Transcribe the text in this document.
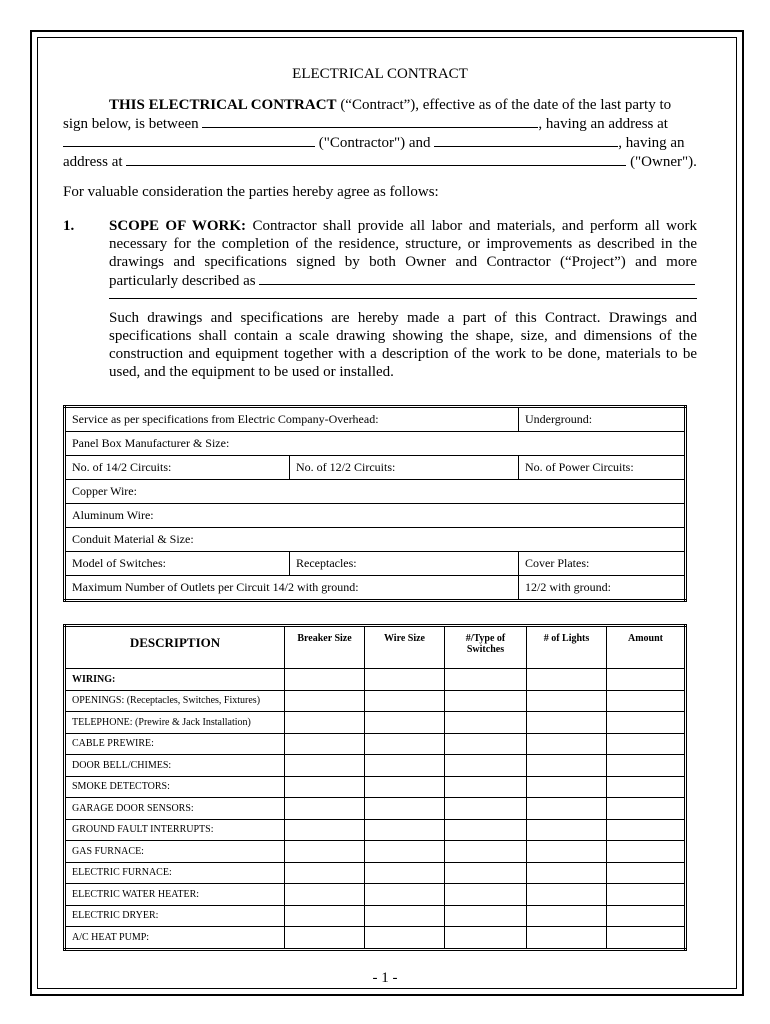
ELECTRICAL CONTRACT

THIS ELECTRICAL CONTRACT (“Contract”), effective as of the date of the last party to sign below, is between	, having an address at  ("Contractor") and	, having an address at	("Owner").

For valuable consideration the parties hereby agree as follows:

1.	SCOPE OF WORK: Contractor shall provide all labor and materials, and perform all work necessary for the completion of the residence, structure, or improvements as described in the drawings and specifications signed by both Owner and Contractor (“Project”) and more particularly described as
Such drawings and specifications are hereby made a part of this Contract. Drawings and specifications shall contain a scale drawing showing the shape, size, and dimensions of the construction and equipment together with a description of the work to be done, materials to be used, and the equipment to be used or installed.
Service as per specifications from Electric Company-Overhead:		Underground:
Panel Box Manufacturer & Size:		
No. of 14/2 Circuits:	No. of 12/2 Circuits:	No. of Power Circuits:
Copper Wire:		
Aluminum Wire:		
Conduit Material & Size:		
Model of Switches:	Receptacles:	Cover Plates:
Maximum Number of Outlets per Circuit 14/2 with ground:		12/2 with ground:
DESCRIPTION	Breaker Size	Wire Size	#/Type of Switches	# of Lights	Amount
WIRING:					
OPENINGS: (Receptacles, Switches, Fixtures)					
TELEPHONE: (Prewire & Jack Installation)					
CABLE PREWIRE:					
DOOR BELL/CHIMES:					
SMOKE DETECTORS:					
GARAGE DOOR SENSORS:					
GROUND FAULT INTERRUPTS:					
GAS FURNACE:					
ELECTRIC FURNACE:					
ELECTRIC WATER HEATER:					
ELECTRIC DRYER:					
A/C HEAT PUMP:					
- 1 -
